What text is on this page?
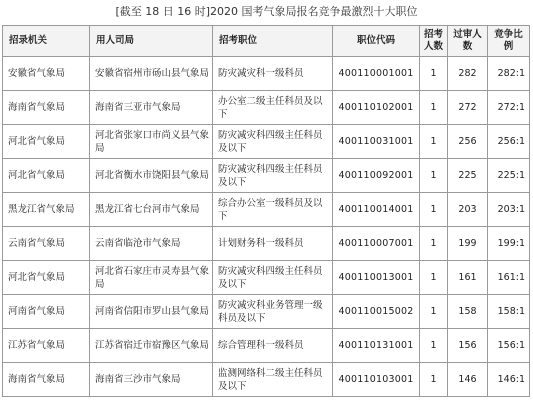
[截至 18 日 16 时]2020 国考气象局报名竞争最激烈十大职位
招录机关	用人司局	招考职位	职位代码	招考人数	过审人数	竞争比例
安徽省气象局	安徽省宿州市砀山县气象局	防灾减灾科一级科员	400110001001	1	282	282:1
海南省气象局	海南省三亚市气象局	办公室二级主任科员及以下	400110102001	1	272	272:1
河北省气象局	河北省张家口市尚义县气象局	防灾减灾科四级主任科员及以下	400110031001	1	256	256:1
河北省气象局	河北省衡水市饶阳县气象局	防灾减灾科四级主任科员及以下	400110092001	1	225	225:1
黑龙江省气象局	黑龙江省七台河市气象局	综合办公室一级科员及以下	400110014001	1	203	203:1
云南省气象局	云南省临沧市气象局	计划财务科一级科员	400110007001	1	199	199:1
河北省气象局	河北省石家庄市灵寿县气象局	防灾减灾科四级主任科员及以下	400110013001	1	161	161:1
河南省气象局	河南省信阳市罗山县气象局	防灾减灾科业务管理一级科员及以下	400110015002	1	158	158:1
江苏省气象局	江苏省宿迁市宿豫区气象局	综合管理科一级科员	400110131001	1	156	156:1
海南省气象局	海南省三沙市气象局	监测网络科二级主任科员及以下	400110103001	1	146	146:1
